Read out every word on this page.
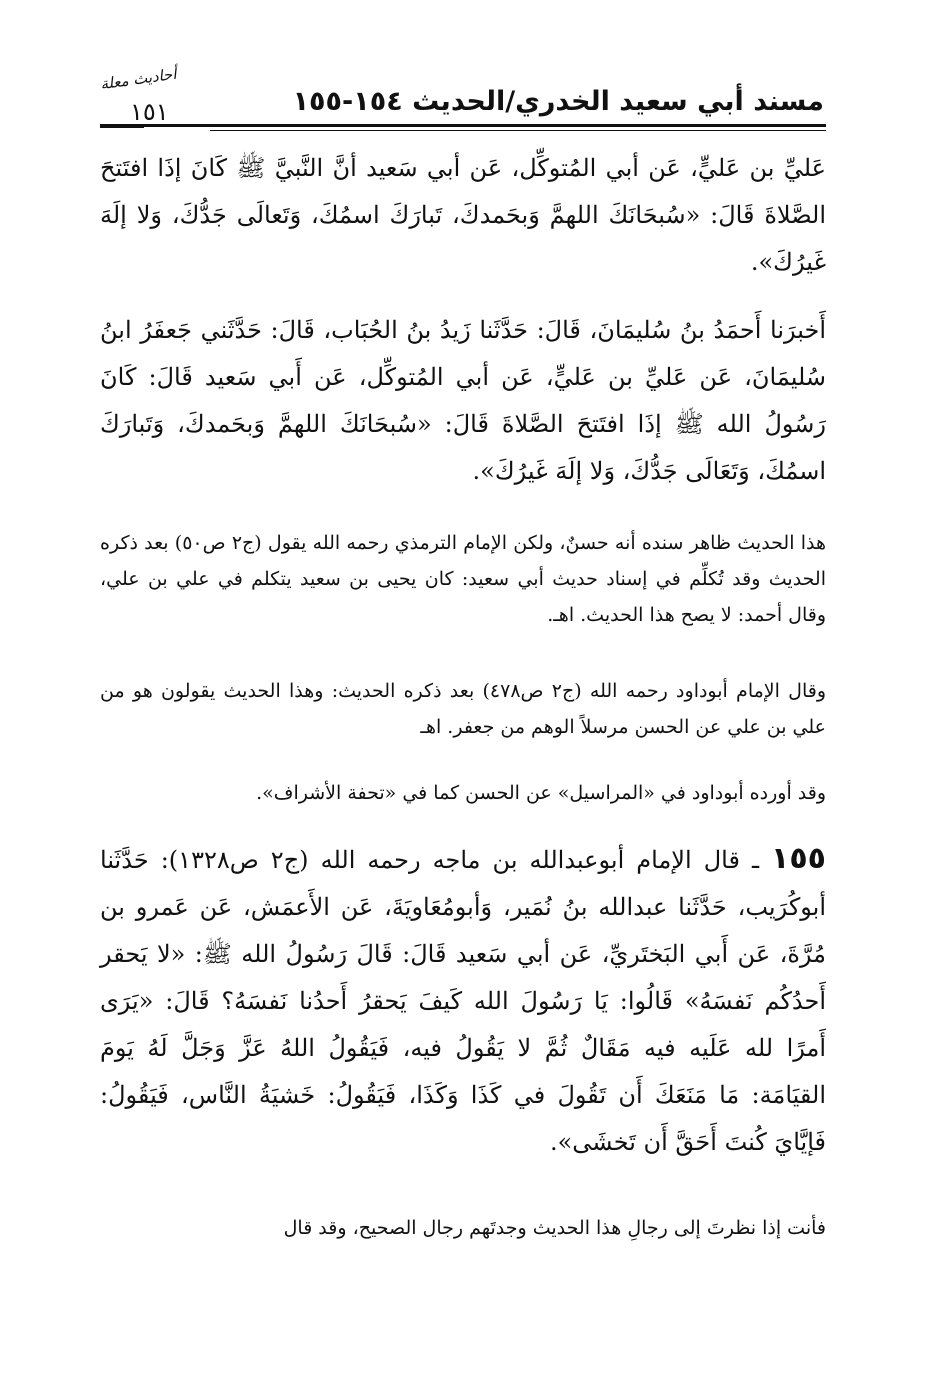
أحاديث معلة
١٥١	مسند أبي سعيد الخدري/الحديث ١٥٤-١٥٥

عَليِّ بن عَليٍّ، عَن أبي المُتوكِّل، عَن أبي سَعيد أنَّ النَّبيَّ ﷺ كَانَ إذَا افتَتحَ الصَّلاةَ قَالَ: «سُبحَانَكَ اللهمَّ وَبحَمدكَ، تَبارَكَ اسمُكَ، وَتَعالَى جَدُّكَ، وَلا إلَهَ غَيرُكَ».

أَخبرَنا أَحمَدُ بنُ سُليمَانَ، قَالَ: حَدَّثَنا زَيدُ بنُ الحُبَاب، قَالَ: حَدَّثَني جَعفَرُ ابنُ سُليمَانَ، عَن عَليِّ بن عَليٍّ، عَن أبي المُتوكِّل، عَن أَبي سَعيد قَالَ: كَانَ رَسُولُ الله ﷺ إذَا افتَتحَ الصَّلاةَ قَالَ: «سُبحَانَكَ اللهمَّ وَبحَمدكَ، وَتَبارَكَ اسمُكَ، وَتَعَالَى جَدُّكَ، وَلا إلَهَ غَيرُكَ».

هذا الحديث ظاهر سنده أنه حسنٌ، ولكن الإمام الترمذي رحمه الله يقول (ج٢ ص٥٠) بعد ذكره الحديث وقد تُكلِّم في إسناد حديث أبي سعيد: كان يحيى بن سعيد يتكلم في علي بن علي، وقال أحمد: لا يصح هذا الحديث. اهـ.

وقال الإمام أبوداود رحمه الله (ج٢ ص٤٧٨) بعد ذكره الحديث: وهذا الحديث يقولون هو من علي بن علي عن الحسن مرسلاً الوهم من جعفر. اهـ

وقد أورده أبوداود في «المراسيل» عن الحسن كما في «تحفة الأشراف».

١٥٥ ـ قال الإمام أبوعبدالله بن ماجه رحمه الله (ج٢ ص١٣٢٨): حَدَّثَنا أبوكُرَيب، حَدَّثَنا عبدالله بنُ نُمَير، وَأبومُعَاويَةَ، عَن الأَعمَش، عَن عَمرو بن مُرَّةَ، عَن أَبي البَختَريِّ، عَن أبي سَعيد قَالَ: قَالَ رَسُولُ الله ﷺ: «لا يَحقر أَحدُكُم نَفسَهُ» قَالُوا: يَا رَسُولَ الله كَيفَ يَحقرُ أَحدُنا نَفسَهُ؟ قَالَ: «يَرَى أَمرًا لله عَلَيه فيه مَقَالٌ ثُمَّ لا يَقُولُ فيه، فَيَقُولُ اللهُ عَزَّ وَجَلَّ لَهُ يَومَ القيَامَة: مَا مَنَعَكَ أَن تَقُولَ في كَذَا وَكَذَا، فَيَقُولُ: خَشيَةُ النَّاس، فَيَقُولُ: فَإيَّايَ كُنتَ أَحَقَّ أَن تَخشَى».

فأنت إذا نظرتَ إلى رجالِ هذا الحديث وجدتَهم رجال الصحيح، وقد قال
